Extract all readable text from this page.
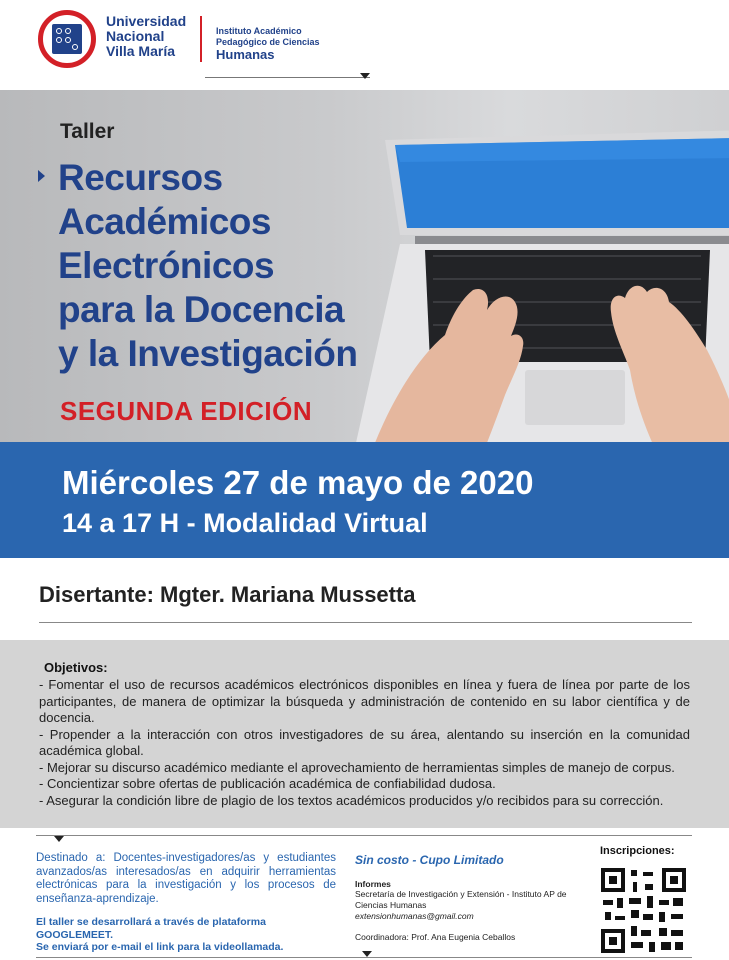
Universidad
Nacional
Villa María
Instituto Académico
Pedagógico de Ciencias
Humanas
Taller
Recursos
Académicos
Electrónicos
para la Docencia
y la Investigación
SEGUNDA EDICIÓN
Miércoles 27 de mayo de 2020
14 a 17 H - Modalidad Virtual
Disertante: Mgter. Mariana Mussetta
Objetivos:

- Fomentar el uso de recursos académicos electrónicos disponibles en línea y fuera de línea por parte de los participantes, de manera de optimizar la búsqueda y administración de contenido en su labor científica y de docencia.

- Propender a la interacción con otros investigadores de su área, alentando su inserción en la comunidad académica global.

- Mejorar su discurso académico mediante el aprovechamiento de herramientas simples de manejo de corpus.

- Concientizar sobre ofertas de publicación académica de confiabilidad dudosa.

- Asegurar la condición libre de plagio de los textos académicos producidos y/o recibidos para su corrección.

Destinado a: Docentes-investigadores/as y estudiantes avanzados/as interesados/as en adquirir herramientas electrónicas para la investigación y los procesos de enseñanza-aprendizaje.
El taller se desarrollará a través de plataforma GOOGLEMEET.
Se enviará por e-mail el link para la videollamada.
Sin costo - Cupo Limitado
Informes
Secretaría de Investigación y Extensión - Instituto AP de Ciencias Humanas
extensionhumanas@gmail.com
Coordinadora: Prof. Ana Eugenia Ceballos
Inscripciones:
